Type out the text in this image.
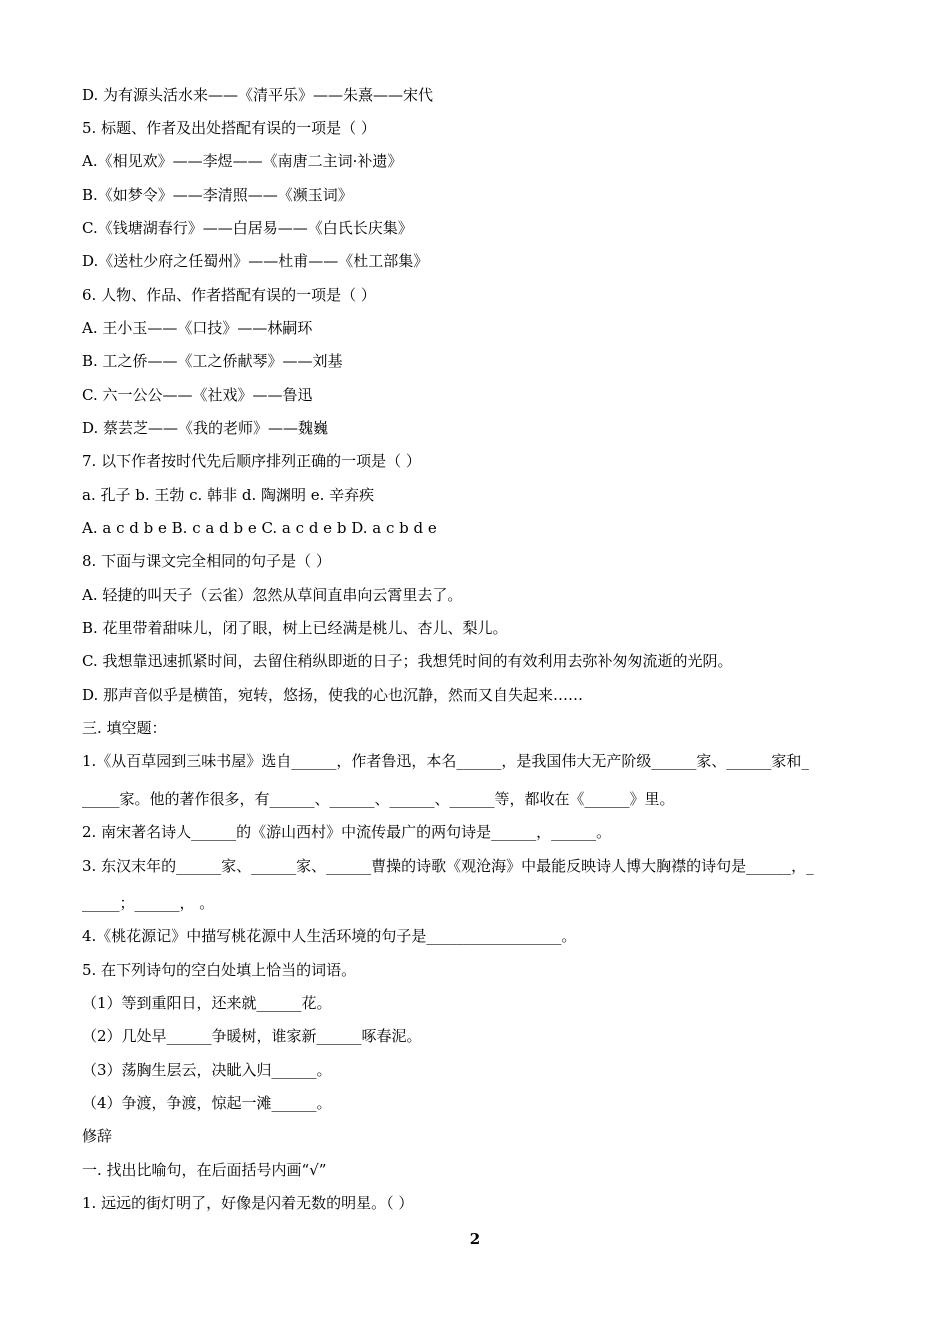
D. 为有源头活水来——《清平乐》——朱熹——宋代
5. 标题、作者及出处搭配有误的一项是（ ）
A.《相见欢》——李煜——《南唐二主词·补遗》
B.《如梦令》——李清照——《濒玉词》
C.《钱塘湖春行》——白居易——《白氏长庆集》
D.《送杜少府之任蜀州》——杜甫——《杜工部集》
6. 人物、作品、作者搭配有误的一项是（ ）
A. 王小玉——《口技》——林嗣环
B. 工之侨——《工之侨献琴》——刘基
C. 六一公公——《社戏》——鲁迅
D. 蔡芸芝——《我的老师》——魏巍
7. 以下作者按时代先后顺序排列正确的一项是（ ）
a. 孔子 b. 王勃 c. 韩非 d. 陶渊明 e. 辛弃疾
A. a c d b e B. c a d b e C. a c d e b D. a c b d e
8. 下面与课文完全相同的句子是（ ）
A. 轻捷的叫天子（云雀）忽然从草间直串向云霄里去了。
B. 花里带着甜味儿，闭了眼，树上已经满是桃儿、杏儿、梨儿。
C. 我想靠迅速抓紧时间，去留住稍纵即逝的日子；我想凭时间的有效利用去弥补匆匆流逝的光阴。
D. 那声音似乎是横笛，宛转，悠扬，使我的心也沉静，然而又自失起来……
三. 填空题：
1.《从百草园到三味书屋》选自______，作者鲁迅，本名______，是我国伟大无产阶级______家、______家和_
_____家。他的著作很多，有______、______、______、______等，都收在《______》里。
2. 南宋著名诗人______的《游山西村》中流传最广的两句诗是______，______。
3. 东汉末年的______家、______家、______曹操的诗歌《观沧海》中最能反映诗人博大胸襟的诗句是______，_
_____；______， 。
4.《桃花源记》中描写桃花源中人生活环境的句子是__________________。
5. 在下列诗句的空白处填上恰当的词语。
（1）等到重阳日，还来就______花。
（2）几处早______争暖树，谁家新______啄春泥。
（3）荡胸生层云，决眦入归______。
（4）争渡，争渡，惊起一滩______。
修辞
一. 找出比喻句，在后面括号内画“√”
1. 远远的街灯明了，好像是闪着无数的明星。（ ）
2
